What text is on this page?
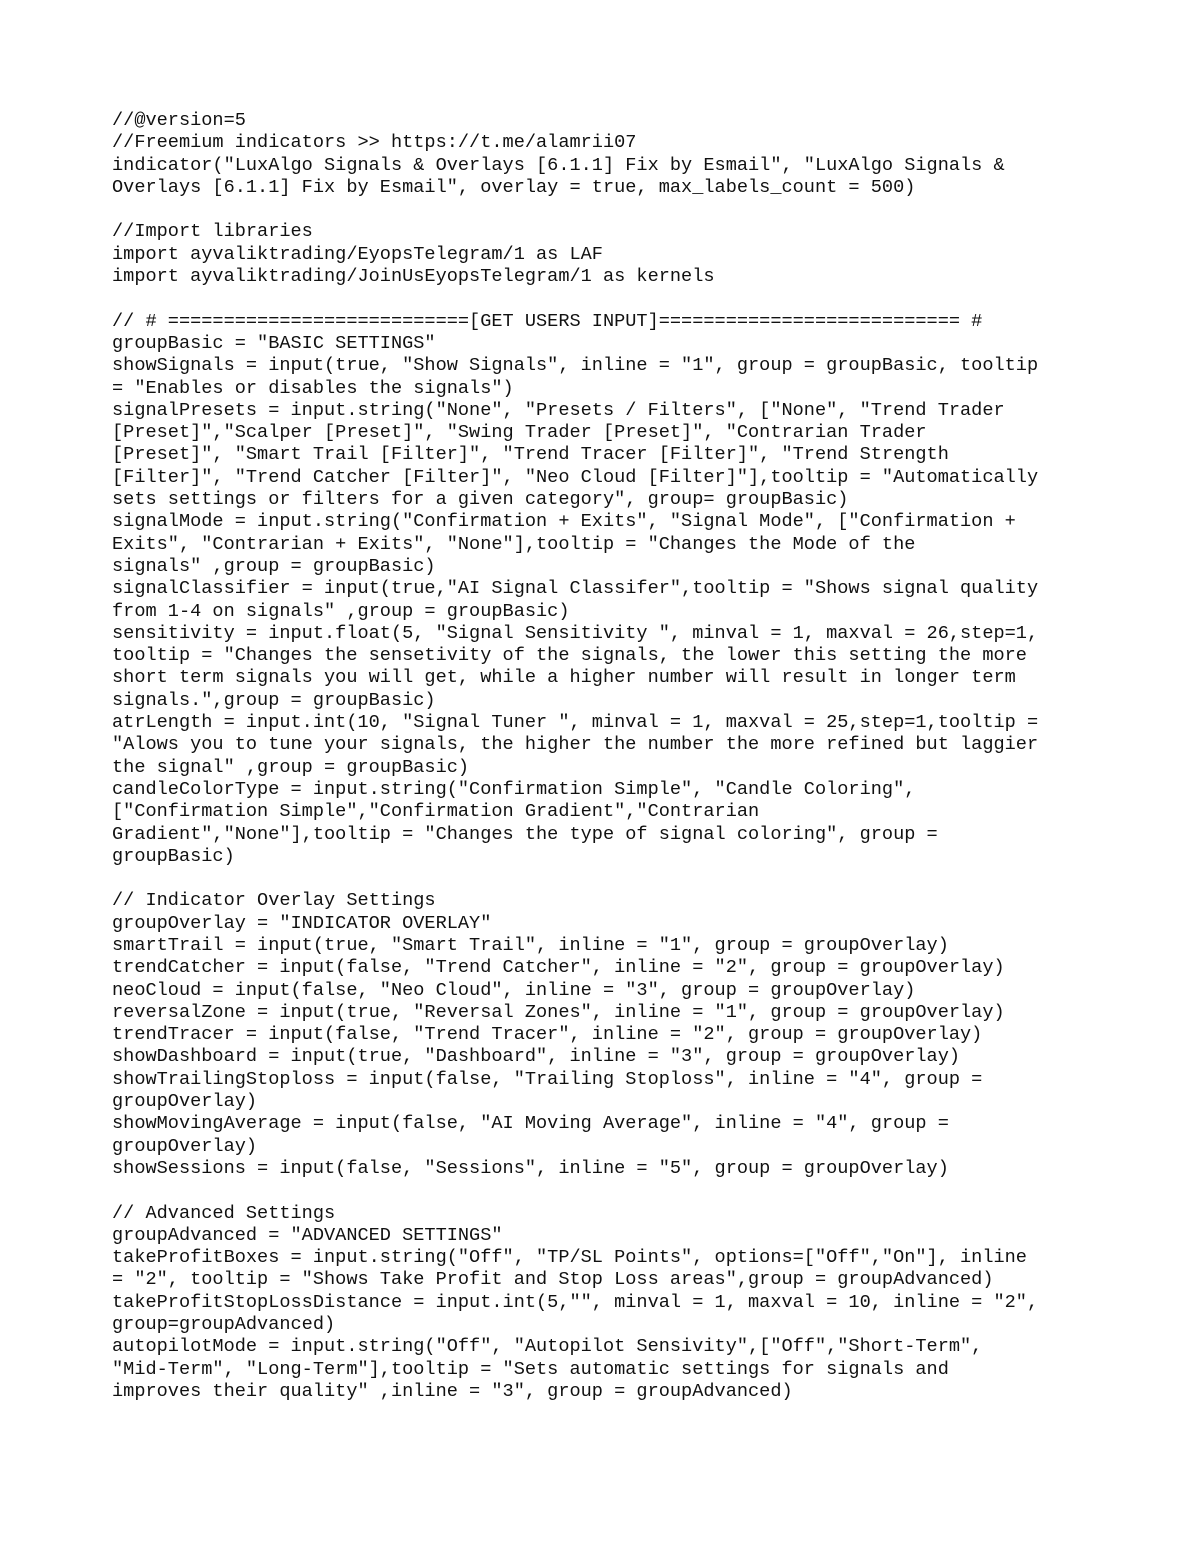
//@version=5
//Freemium indicators >> https://t.me/alamrii07
indicator("LuxAlgo Signals & Overlays [6.1.1] Fix by Esmail", "LuxAlgo Signals &
Overlays [6.1.1] Fix by Esmail", overlay = true, max_labels_count = 500)
//Import libraries
import ayvaliktrading/EyopsTelegram/1 as LAF
import ayvaliktrading/JoinUsEyopsTelegram/1 as kernels
// # ===========================[GET USERS INPUT]=========================== #
groupBasic = "BASIC SETTINGS"
showSignals = input(true, "Show Signals", inline = "1", group = groupBasic, tooltip
= "Enables or disables the signals")
signalPresets = input.string("None", "Presets / Filters", ["None", "Trend Trader
[Preset]","Scalper [Preset]", "Swing Trader [Preset]", "Contrarian Trader
[Preset]", "Smart Trail [Filter]", "Trend Tracer [Filter]", "Trend Strength
[Filter]", "Trend Catcher [Filter]", "Neo Cloud [Filter]"],tooltip = "Automatically
sets settings or filters for a given category", group= groupBasic)
signalMode = input.string("Confirmation + Exits", "Signal Mode", ["Confirmation +
Exits", "Contrarian + Exits", "None"],tooltip = "Changes the Mode of the
signals" ,group = groupBasic)
signalClassifier = input(true,"AI Signal Classifer",tooltip = "Shows signal quality
from 1-4 on signals" ,group = groupBasic)
sensitivity = input.float(5, "Signal Sensitivity ", minval = 1, maxval = 26,step=1,
tooltip = "Changes the sensetivity of the signals, the lower this setting the more
short term signals you will get, while a higher number will result in longer term
signals.",group = groupBasic)
atrLength = input.int(10, "Signal Tuner ", minval = 1, maxval = 25,step=1,tooltip =
"Alows you to tune your signals, the higher the number the more refined but laggier
the signal" ,group = groupBasic)
candleColorType = input.string("Confirmation Simple", "Candle Coloring",
["Confirmation Simple","Confirmation Gradient","Contrarian
Gradient","None"],tooltip = "Changes the type of signal coloring", group =
groupBasic)
// Indicator Overlay Settings
groupOverlay = "INDICATOR OVERLAY"
smartTrail = input(true, "Smart Trail", inline = "1", group = groupOverlay)
trendCatcher = input(false, "Trend Catcher", inline = "2", group = groupOverlay)
neoCloud = input(false, "Neo Cloud", inline = "3", group = groupOverlay)
reversalZone = input(true, "Reversal Zones", inline = "1", group = groupOverlay)
trendTracer = input(false, "Trend Tracer", inline = "2", group = groupOverlay)
showDashboard = input(true, "Dashboard", inline = "3", group = groupOverlay)
showTrailingStoploss = input(false, "Trailing Stoploss", inline = "4", group =
groupOverlay)
showMovingAverage = input(false, "AI Moving Average", inline = "4", group =
groupOverlay)
showSessions = input(false, "Sessions", inline = "5", group = groupOverlay)
// Advanced Settings
groupAdvanced = "ADVANCED SETTINGS"
takeProfitBoxes = input.string("Off", "TP/SL Points", options=["Off","On"], inline
= "2", tooltip = "Shows Take Profit and Stop Loss areas",group = groupAdvanced)
takeProfitStopLossDistance = input.int(5,"", minval = 1, maxval = 10, inline = "2",
group=groupAdvanced)
autopilotMode = input.string("Off", "Autopilot Sensivity",["Off","Short-Term",
"Mid-Term", "Long-Term"],tooltip = "Sets automatic settings for signals and
improves their quality" ,inline = "3", group = groupAdvanced)
